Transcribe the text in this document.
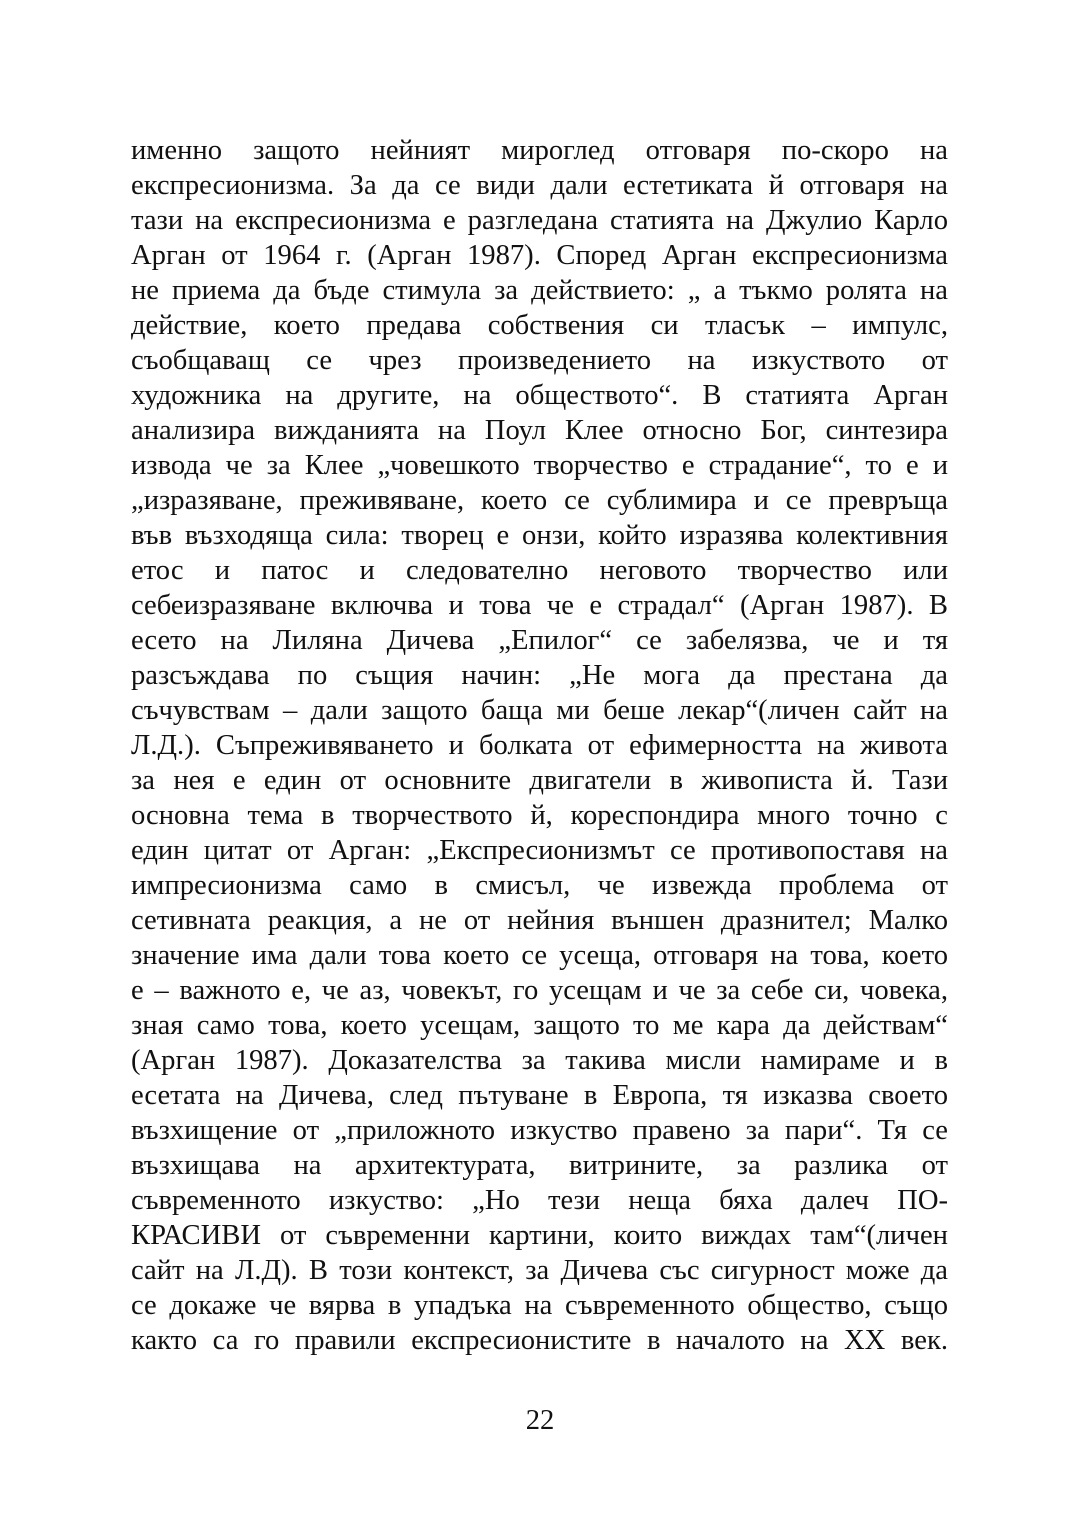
именно защото нейният мироглед отговаря по-скоро на
експресионизма. За да се види дали естетиката й отговаря на
тази на експресионизма е разгледана статията на Джулио Карло
Арган от 1964 г. (Арган 1987). Според Арган експресионизма
не приема да бъде стимула за действието: „ а тъкмо ролята на
действие, което предава собствения си тласък – импулс,
съобщаващ се чрез произведението на изкуството от
художника на другите, на обществото“. В статията Арган
анализира вижданията на Поул Клее относно Бог, синтезира
извода че за Клее „човешкото творчество е страдание“, то е и
„изразяване, преживяване, което се сублимира и се превръща
във възходяща сила: творец е онзи, който изразява колективния
етос и патос и следователно неговото творчество или
себеизразяване включва и това че е страдал“ (Арган 1987). В
есето на Лиляна Дичева „Епилог“ се забелязва, че и тя
разсъждава по същия начин: „Не мога да престана да
съчувствам – дали защото баща ми беше лекар“(личен сайт на
Л.Д.). Съпреживяването и болката от ефимерността на живота
за нея е един от основните двигатели в живописта й. Тази
основна тема в творчеството й, кореспондира много точно с
един цитат от Арган: „Експресионизмът се противопоставя на
импресионизма само в смисъл, че извежда проблема от
сетивната реакция, а не от нейния външен дразнител; Малко
значение има дали това което се усеща, отговаря на това, което
е – важното е, че аз, човекът, го усещам и че за себе си, човека,
зная само това, което усещам, защото то ме кара да действам“
(Арган 1987). Доказателства за такива мисли намираме и в
есетата на Дичева, след пътуване в Европа, тя изказва своето
възхищение от „приложното изкуство правено за пари“. Тя се
възхищава на архитектурата, витрините, за разлика от
съвременното изкуство: „Но тези неща бяха далеч ПО-
КРАСИВИ от съвременни картини, които виждах там“(личен
сайт на Л.Д). В този контекст, за Дичева със сигурност може да
се докаже че вярва в упадъка на съвременното общество, също
както са го правили експресионистите в началото на XX век.
22
